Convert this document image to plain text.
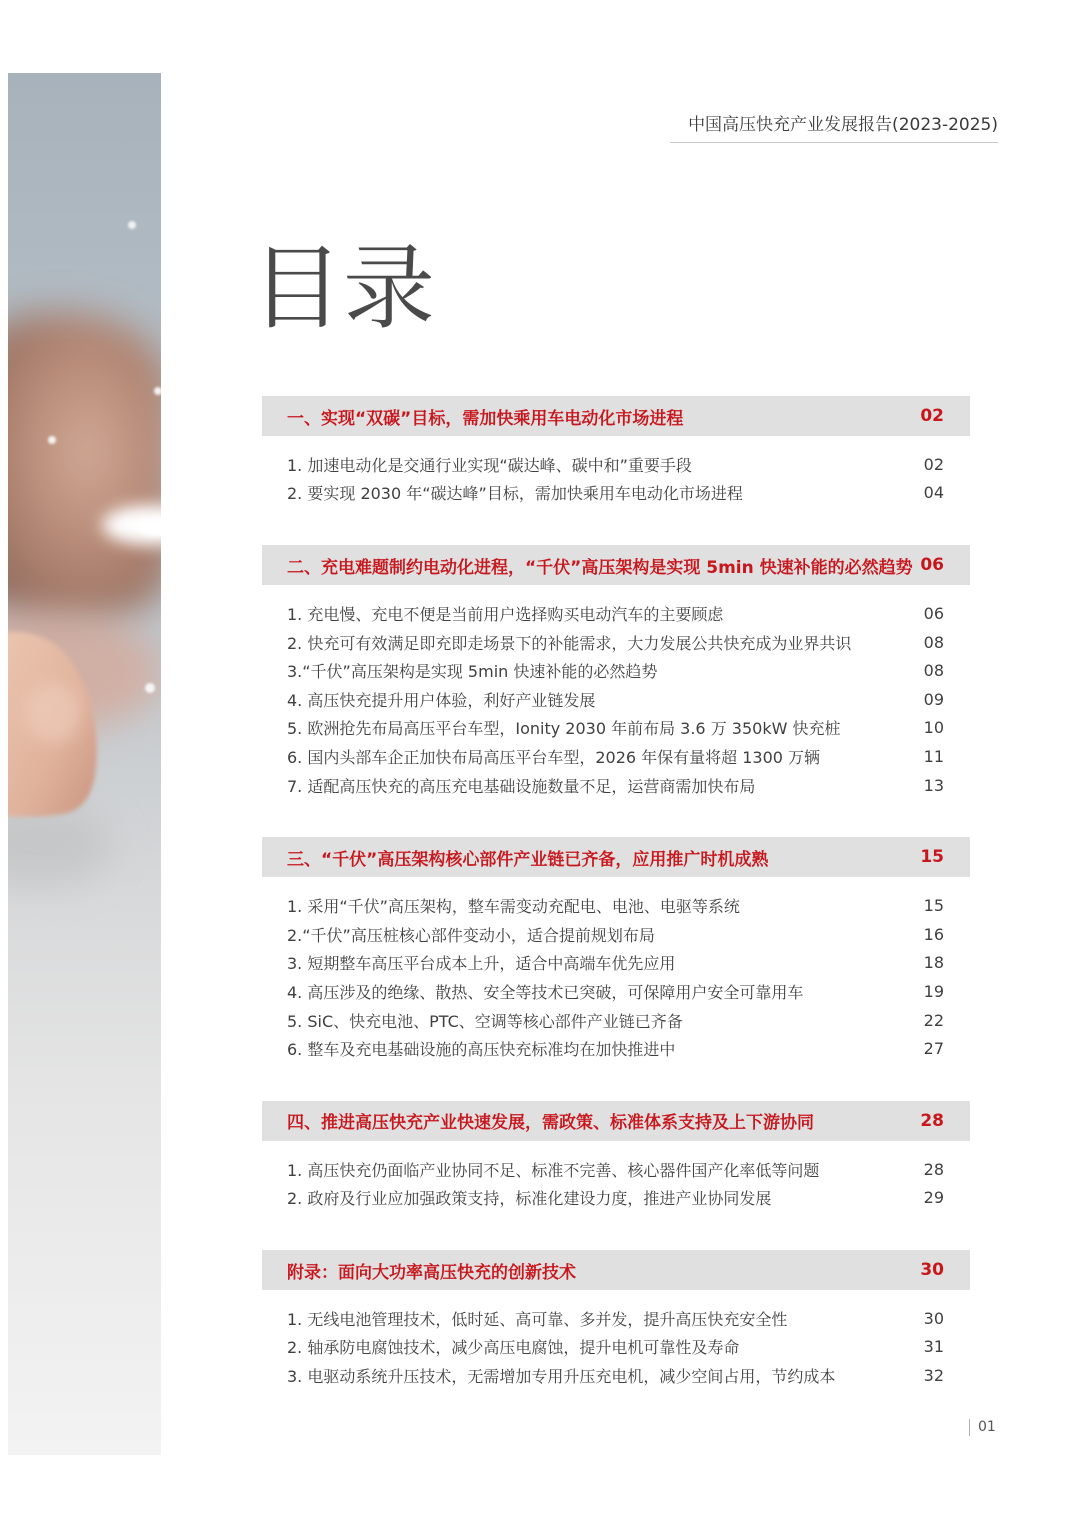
中国高压快充产业发展报告(2023-2025)
目录
一、实现“双碳”目标，需加快乘用车电动化市场进程	02
1. 加速电动化是交通行业实现“碳达峰、碳中和”重要手段	02
2. 要实现 2030 年“碳达峰”目标，需加快乘用车电动化市场进程	04
二、充电难题制约电动化进程，“千伏”高压架构是实现 5min 快速补能的必然趋势 06
1. 充电慢、充电不便是当前用户选择购买电动汽车的主要顾虑	06
2. 快充可有效满足即充即走场景下的补能需求，大力发展公共快充成为业界共识	08
3.“千伏”高压架构是实现 5min 快速补能的必然趋势	08
4. 高压快充提升用户体验，利好产业链发展	09
5. 欧洲抢先布局高压平台车型，Ionity 2030 年前布局 3.6 万 350kW 快充桩	10
6. 国内头部车企正加快布局高压平台车型，2026 年保有量将超 1300 万辆	11
7. 适配高压快充的高压充电基础设施数量不足，运营商需加快布局	13
三、“千伏”高压架构核心部件产业链已齐备，应用推广时机成熟	15
1. 采用“千伏”高压架构，整车需变动充配电、电池、电驱等系统	15
2.“千伏”高压桩核心部件变动小，适合提前规划布局	16
3. 短期整车高压平台成本上升，适合中高端车优先应用	18
4. 高压涉及的绝缘、散热、安全等技术已突破，可保障用户安全可靠用车	19
5. SiC、快充电池、PTC、空调等核心部件产业链已齐备	22
6. 整车及充电基础设施的高压快充标准均在加快推进中	27
四、推进高压快充产业快速发展，需政策、标准体系支持及上下游协同	28
1. 高压快充仍面临产业协同不足、标准不完善、核心器件国产化率低等问题	28
2. 政府及行业应加强政策支持，标准化建设力度，推进产业协同发展	29
附录：面向大功率高压快充的创新技术	30
1. 无线电池管理技术，低时延、高可靠、多并发，提升高压快充安全性	30
2. 轴承防电腐蚀技术，减少高压电腐蚀，提升电机可靠性及寿命	31
3. 电驱动系统升压技术，无需增加专用升压充电机，减少空间占用，节约成本	32
01
